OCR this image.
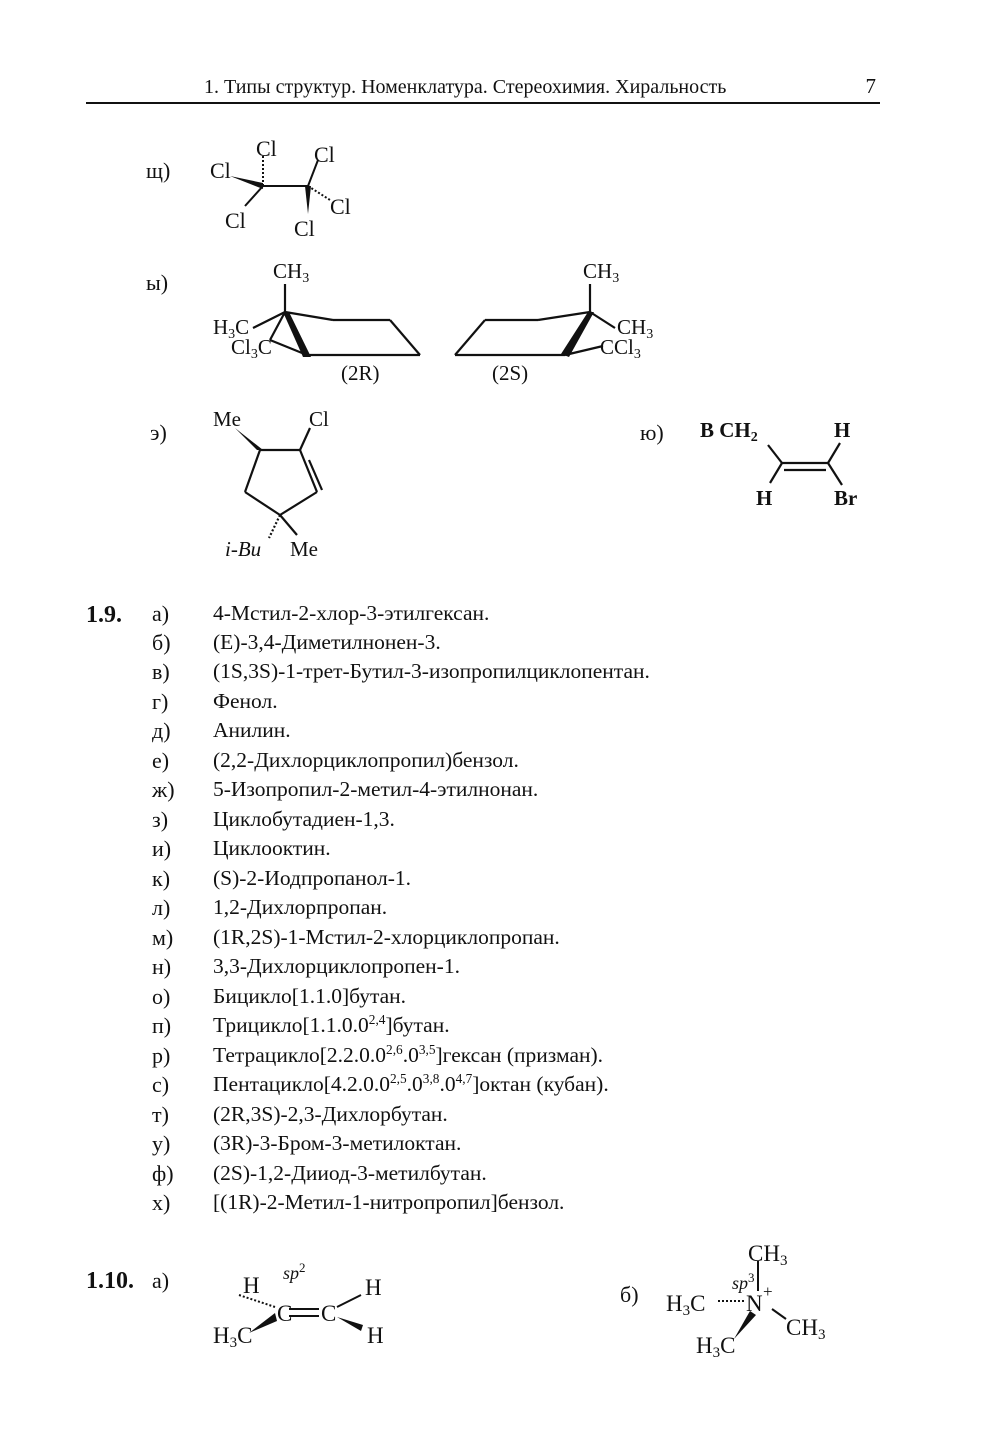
1. Типы структур. Номенклатура. Стереохимия. Хиральность	7
щ)
Cl
Cl
Cl
Cl
Cl
Cl
ы)	CH3
H3C
Cl3C
(2R)
CH3
CH3
CCl3
(2S)
э)
Me	Cl
i-Bu Me
ю) B CH2	H
H	Br
1.9. а) 4-Мстил-2-хлор-3-этилгексан.
б) (E)-3,4-Диметилнонен-3.
в) (1S,3S)-1-трет-Бутил-3-изопропилциклопентан.
г) Фенол.
д) Анилин.
е) (2,2-Дихлорциклопропил)бензол.
ж) 5-Изопропил-2-метил-4-этилнонан.
з) Циклобутадиен-1,3.
и) Циклооктин.
к) (S)-2-Иодпропанол-1.
л) 1,2-Дихлорпропан.
м) (1R,2S)-1-Мстил-2-хлорциклопропан.
н) 3,3-Дихлорциклопропен-1.
о) Бицикло[1.1.0]бутан.
п) Трицикло[1.1.0.0$^{2,4}$]бутан.
р) Тетрацикло[2.2.0.0$^{2,6}$.0$^{3,5}$]гексан (призман).
с) Пентацикло[4.2.0.0$^{2,5}$.0$^{3,8}$.0$^{4,7}$]октан (кубан).
т) (2R,3S)-2,3-Дихлорбутан.
у) (3R)-3-Бром-3-метилоктан.
ф) (2S)-1,2-Дииод-3-метилбутан.
х) [(1R)-2-Метил-1-нитропропил]бензол.
1.10. а)	H $sp^2$
C C
H
H3C	H
б)
CH3
$sp^3$
H3C N +
H3C
CH3
